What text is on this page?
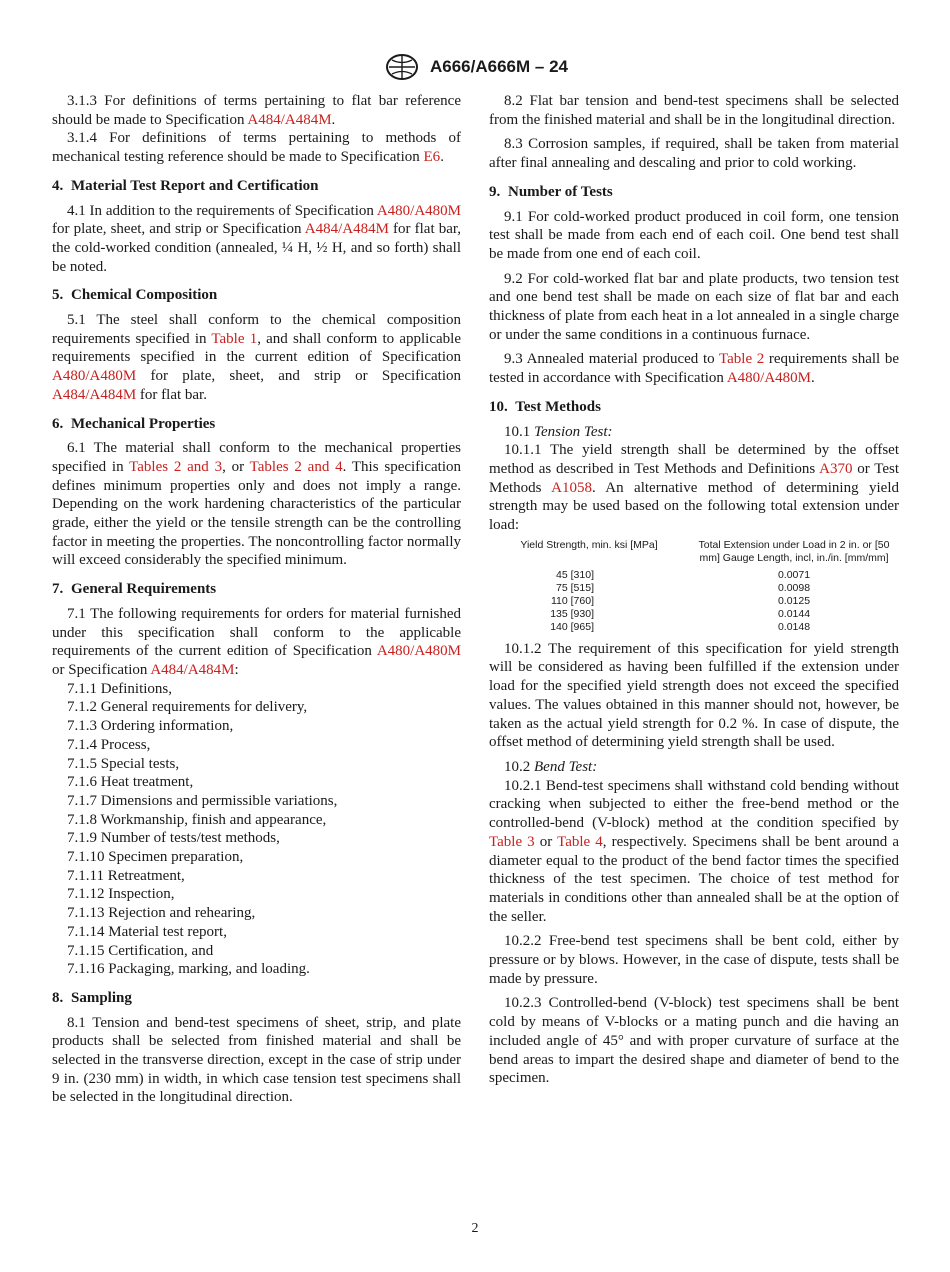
A666/A666M – 24

3.1.3 For definitions of terms pertaining to flat bar reference should be made to Specification A484/A484M.

3.1.4 For definitions of terms pertaining to methods of mechanical testing reference should be made to Specification E6.

4. Material Test Report and Certification

4.1 In addition to the requirements of Specification A480/A480M for plate, sheet, and strip or Specification A484/A484M for flat bar, the cold-worked condition (annealed, ¼ H, ½ H, and so forth) shall be noted.

5. Chemical Composition

5.1 The steel shall conform to the chemical composition requirements specified in Table 1, and shall conform to applicable requirements specified in the current edition of Specification A480/A480M for plate, sheet, and strip or Specification A484/A484M for flat bar.

6. Mechanical Properties

6.1 The material shall conform to the mechanical properties specified in Tables 2 and 3, or Tables 2 and 4. This specification defines minimum properties only and does not imply a range. Depending on the work hardening characteristics of the particular grade, either the yield or the tensile strength can be the controlling factor in meeting the properties. The noncontrolling factor normally will exceed considerably the specified minimum.

7. General Requirements

7.1 The following requirements for orders for material furnished under this specification shall conform to the applicable requirements of the current edition of Specification A480/A480M or Specification A484/A484M:

7.1.1 Definitions,
7.1.2 General requirements for delivery,
7.1.3 Ordering information,
7.1.4 Process,
7.1.5 Special tests,
7.1.6 Heat treatment,
7.1.7 Dimensions and permissible variations,
7.1.8 Workmanship, finish and appearance,
7.1.9 Number of tests/test methods,
7.1.10 Specimen preparation,
7.1.11 Retreatment,
7.1.12 Inspection,
7.1.13 Rejection and rehearing,
7.1.14 Material test report,
7.1.15 Certification, and
7.1.16 Packaging, marking, and loading.
8. Sampling

8.1 Tension and bend-test specimens of sheet, strip, and plate products shall be selected from finished material and shall be selected in the transverse direction, except in the case of strip under 9 in. (230 mm) in width, in which case tension test specimens shall be selected in the longitudinal direction.

8.2 Flat bar tension and bend-test specimens shall be selected from the finished material and shall be in the longitudinal direction.

8.3 Corrosion samples, if required, shall be taken from material after final annealing and descaling and prior to cold working.

9. Number of Tests

9.1 For cold-worked product produced in coil form, one tension test shall be made from each end of each coil. One bend test shall be made from one end of each coil.

9.2 For cold-worked flat bar and plate products, two tension test and one bend test shall be made on each size of flat bar and each thickness of plate from each heat in a lot annealed in a single charge or under the same conditions in a continuous furnace.

9.3 Annealed material produced to Table 2 requirements shall be tested in accordance with Specification A480/A480M.

10. Test Methods

10.1 Tension Test:

10.1.1 The yield strength shall be determined by the offset method as described in Test Methods and Definitions A370 or Test Methods A1058. An alternative method of determining yield strength may be used based on the following total extension under load:

Yield Strength, min. ksi [MPa]	Total Extension under Load in 2 in. or [50 mm] Gauge Length, incl, in./in. [mm/mm]
45 [310]	0.0071
75 [515]	0.0098
110 [760]	0.0125
135 [930]	0.0144
140 [965]	0.0148

10.1.2 The requirement of this specification for yield strength will be considered as having been fulfilled if the extension under load for the specified yield strength does not exceed the specified values. The values obtained in this manner should not, however, be taken as the actual yield strength for 0.2 %. In case of dispute, the offset method of determining yield strength shall be used.

10.2 Bend Test:

10.2.1 Bend-test specimens shall withstand cold bending without cracking when subjected to either the free-bend method or the controlled-bend (V-block) method at the condition specified by Table 3 or Table 4, respectively. Specimens shall be bent around a diameter equal to the product of the bend factor times the specified thickness of the test specimen. The choice of test method for materials in conditions other than annealed shall be at the option of the seller.

10.2.2 Free-bend test specimens shall be bent cold, either by pressure or by blows. However, in the case of dispute, tests shall be made by pressure.

10.2.3 Controlled-bend (V-block) test specimens shall be bent cold by means of V-blocks or a mating punch and die having an included angle of 45° and with proper curvature of surface at the bend areas to impart the desired shape and diameter of bend to the specimen.

2
